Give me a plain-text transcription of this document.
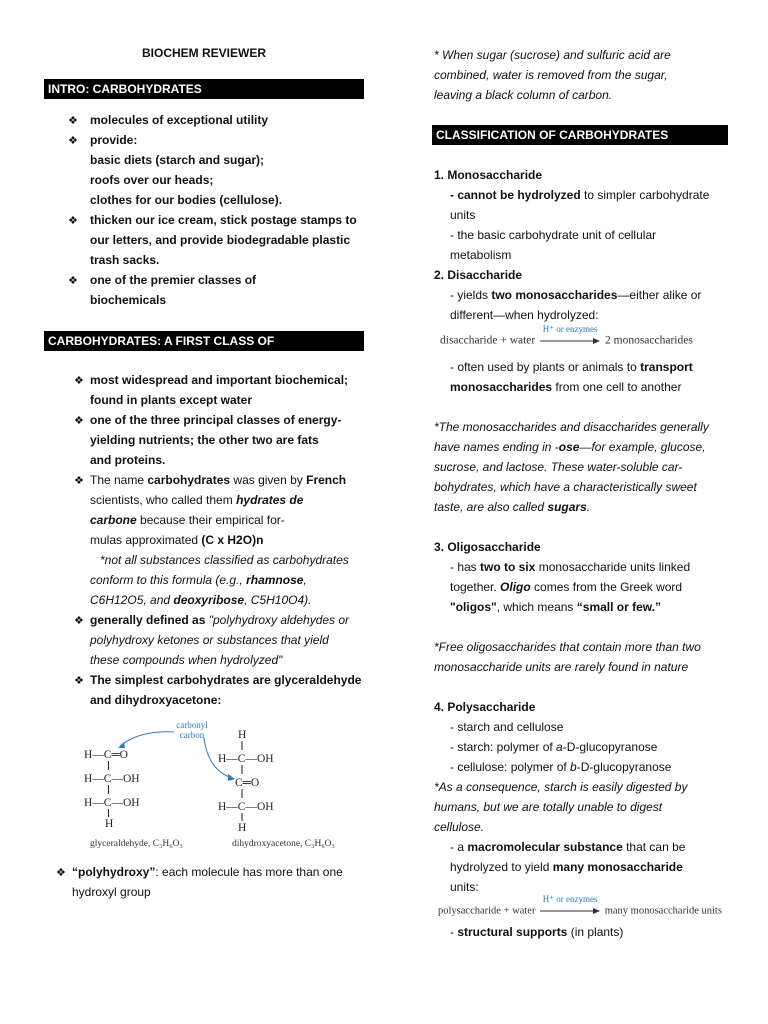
BIOCHEM REVIEWER
INTRO: CARBOHYDRATES
❖ molecules of exceptional utility
❖ provide:
basic diets (starch and sugar);
roofs over our heads;
clothes for our bodies (cellulose).
❖ thicken our ice cream, stick postage stamps to
our letters, and provide biodegradable plastic
trash sacks.
❖ one of the premier classes of
biochemicals
CARBOHYDRATES: A FIRST CLASS OF BIOCHEMICALS
❖ most widespread and important biochemical;
found in plants except water
❖ one of the three principal classes of energy-
yielding nutrients; the other two are fats
and proteins.
❖ The name carbohydrates was given by French
scientists, who called them hydrates de
carbone because their empirical for-
mulas approximated (C x H2O)n
*not all substances classified as carbohydrates
conform to this formula (e.g., rhamnose,
C6H12O5, and deoxyribose, C5H10O4).
❖ generally defined as "polyhydroxy aldehydes or
polyhydroxy ketones or substances that yield
these compounds when hydrolyzed"
❖ The simplest carbohydrates are glyceraldehyde
and dihydroxyacetone:
H—C═O
H—C—OH
H—C—OH
H
H
H—C—OH
C═O
H—C—OH
H
carbonyl
carbon
glyceraldehyde, C₃H₆O₃	dihydroxyacetone, C₃H₆O₃
❖ “polyhydroxy”: each molecule has more than one
hydroxyl group
* When sugar (sucrose) and sulfuric acid are
combined, water is removed from the sugar,
leaving a black column of carbon.
CLASSIFICATION OF CARBOHYDRATES
1. Monosaccharide
- cannot be hydrolyzed to simpler carbohydrate
units
- the basic carbohydrate unit of cellular
metabolism
2. Disaccharide
- yields two monosaccharides—either alike or
different—when hydrolyzed:
disaccharide + water
H⁺ or enzymes
2 monosaccharides
- often used by plants or animals to transport
monosaccharides from one cell to another
*The monosaccharides and disaccharides generally
have names ending in -ose—for example, glucose,
sucrose, and lactose. These water-soluble car-
bohydrates, which have a characteristically sweet
taste, are also called sugars.
3. Oligosaccharide
- has two to six monosaccharide units linked
together. Oligo comes from the Greek word
"oligos", which means “small or few.”
*Free oligosaccharides that contain more than two
monosaccharide units are rarely found in nature
4. Polysaccharide
- starch and cellulose
- starch: polymer of a-D-glucopyranose
- cellulose: polymer of b-D-glucopyranose
*As a consequence, starch is easily digested by
humans, but we are totally unable to digest
cellulose.
- a macromolecular substance that can be
hydrolyzed to yield many monosaccharide
units:
polysaccharide + water
H⁺ or enzymes
many monosaccharide units
- structural supports (in plants)
